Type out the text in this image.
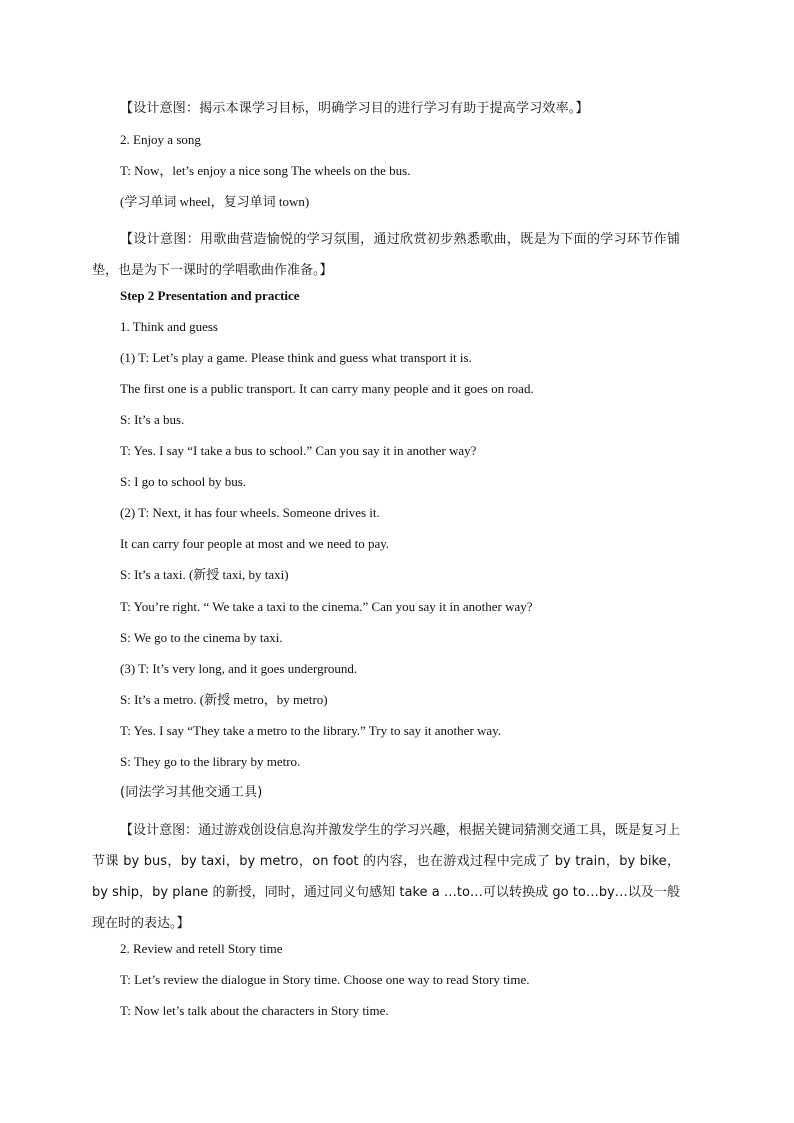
【设计意图：揭示本课学习目标，明确学习目的进行学习有助于提高学习效率。】
2. Enjoy a song
T: Now，let’s enjoy a nice song The wheels on the bus.
(学习单词 wheel，复习单词 town)
【设计意图：用歌曲营造愉悦的学习氛围，通过欣赏初步熟悉歌曲，既是为下面的学习环节作铺垫，也是为下一课时的学唱歌曲作准备。】
Step 2 Presentation and practice
1. Think and guess
(1) T: Let’s play a game. Please think and guess what transport it is.
The first one is a public transport. It can carry many people and it goes on road.
S: It’s a bus.
T: Yes. I say “I take a bus to school.” Can you say it in another way?
S: I go to school by bus.
(2) T: Next, it has four wheels. Someone drives it.
It can carry four people at most and we need to pay.
S: It’s a taxi. (新授 taxi, by taxi)
T: You’re right. “ We take a taxi to the cinema.” Can you say it in another way?
S: We go to the cinema by taxi.
(3) T: It’s very long, and it goes underground.
S: It’s a metro. (新授 metro，by metro)
T: Yes. I say “They take a metro to the library.” Try to say it another way.
S: They go to the library by metro.
(同法学习其他交通工具)
【设计意图：通过游戏创设信息沟并激发学生的学习兴趣，根据关键词猜测交通工具，既是复习上节课 by bus，by taxi，by metro，on foot 的内容，也在游戏过程中完成了 by train，by bike，by ship，by plane 的新授，同时，通过同义句感知 take a …to…可以转换成 go to…by…以及一般现在时的表达。】
2. Review and retell Story time
T: Let’s review the dialogue in Story time. Choose one way to read Story time.
T: Now let’s talk about the characters in Story time.
